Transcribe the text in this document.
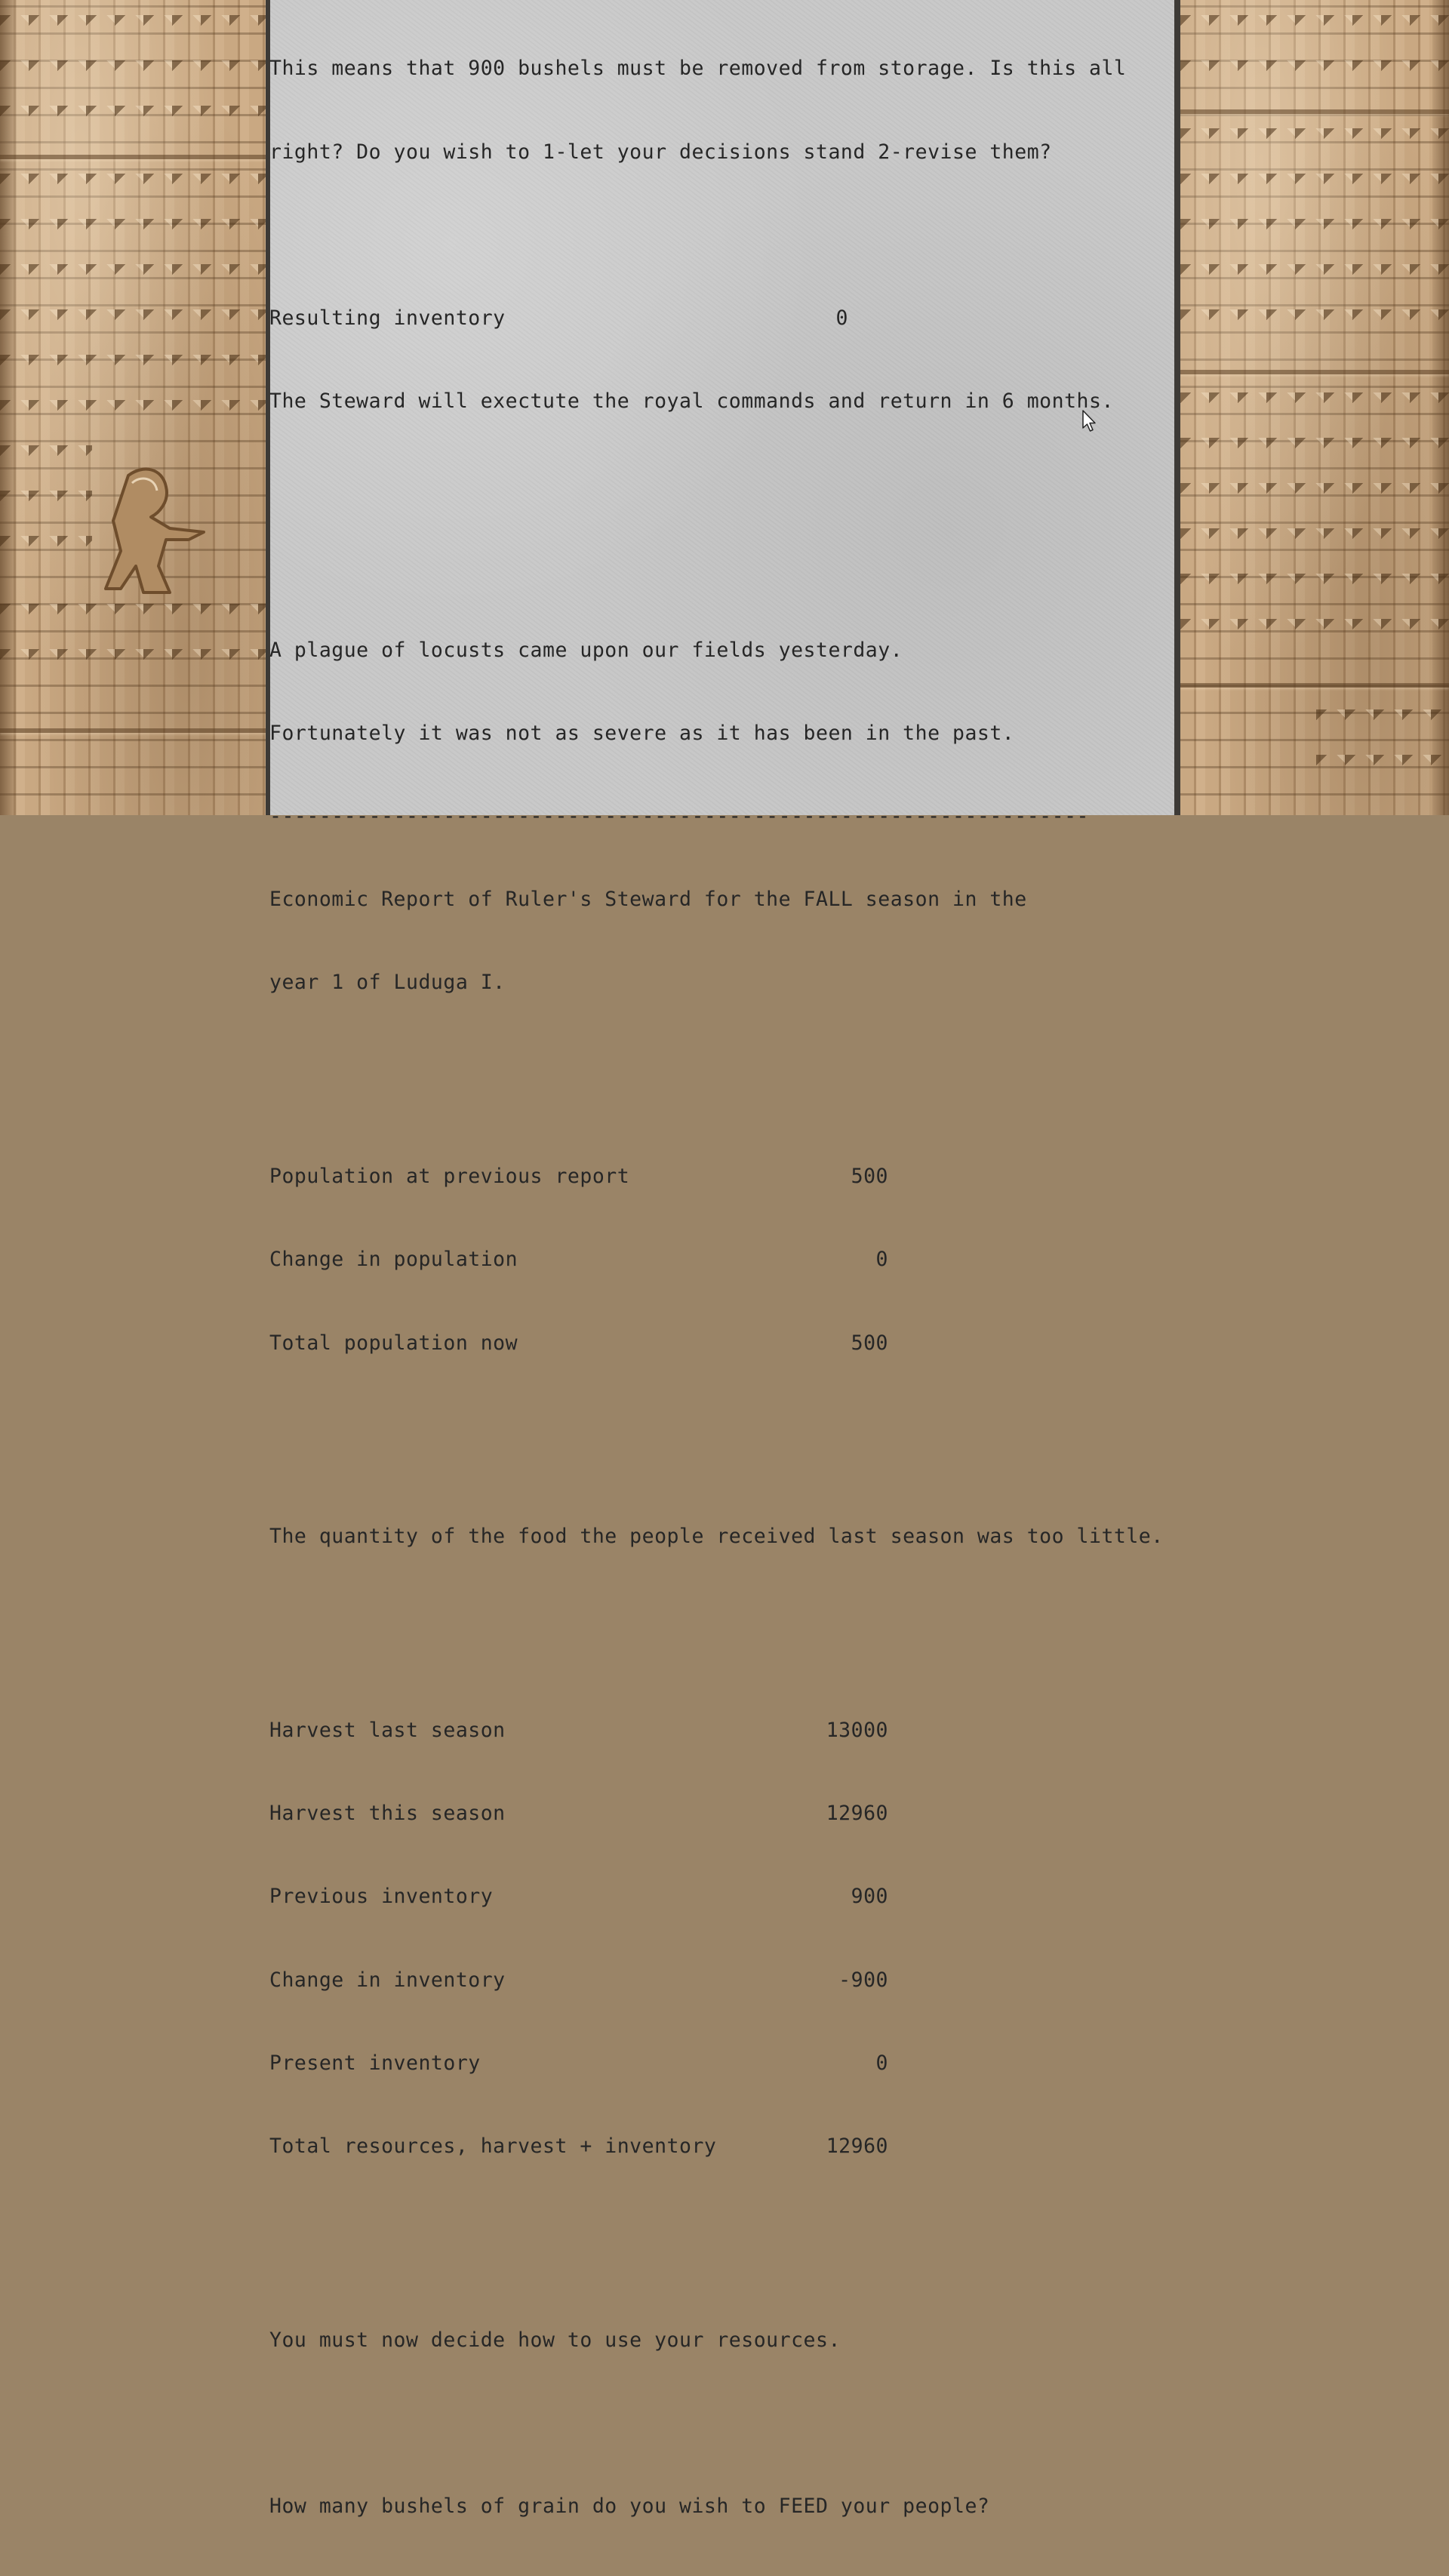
This means that 900 bushels must be removed from storage. Is this all

right? Do you wish to 1-let your decisions stand 2-revise them?

Resulting inventory	0

The Steward will exectute the royal commands and return in 6 months.

A plague of locusts came upon our fields yesterday.

Fortunately it was not as severe as it has been in the past.

------------------------------------------------------------------

Economic Report of Ruler's Steward for the FALL season in the

year 1 of Luduga I.

Population at previous report	500

Change in population	0

Total population now	500

The quantity of the food the people received last season was too little.

Harvest last season	13000

Harvest this season	12960

Previous inventory	900

Change in inventory	-900

Present inventory	0

Total resources, harvest + inventory	12960

You must now decide how to use your resources.

How many bushels of grain do you wish to FEED your people?
